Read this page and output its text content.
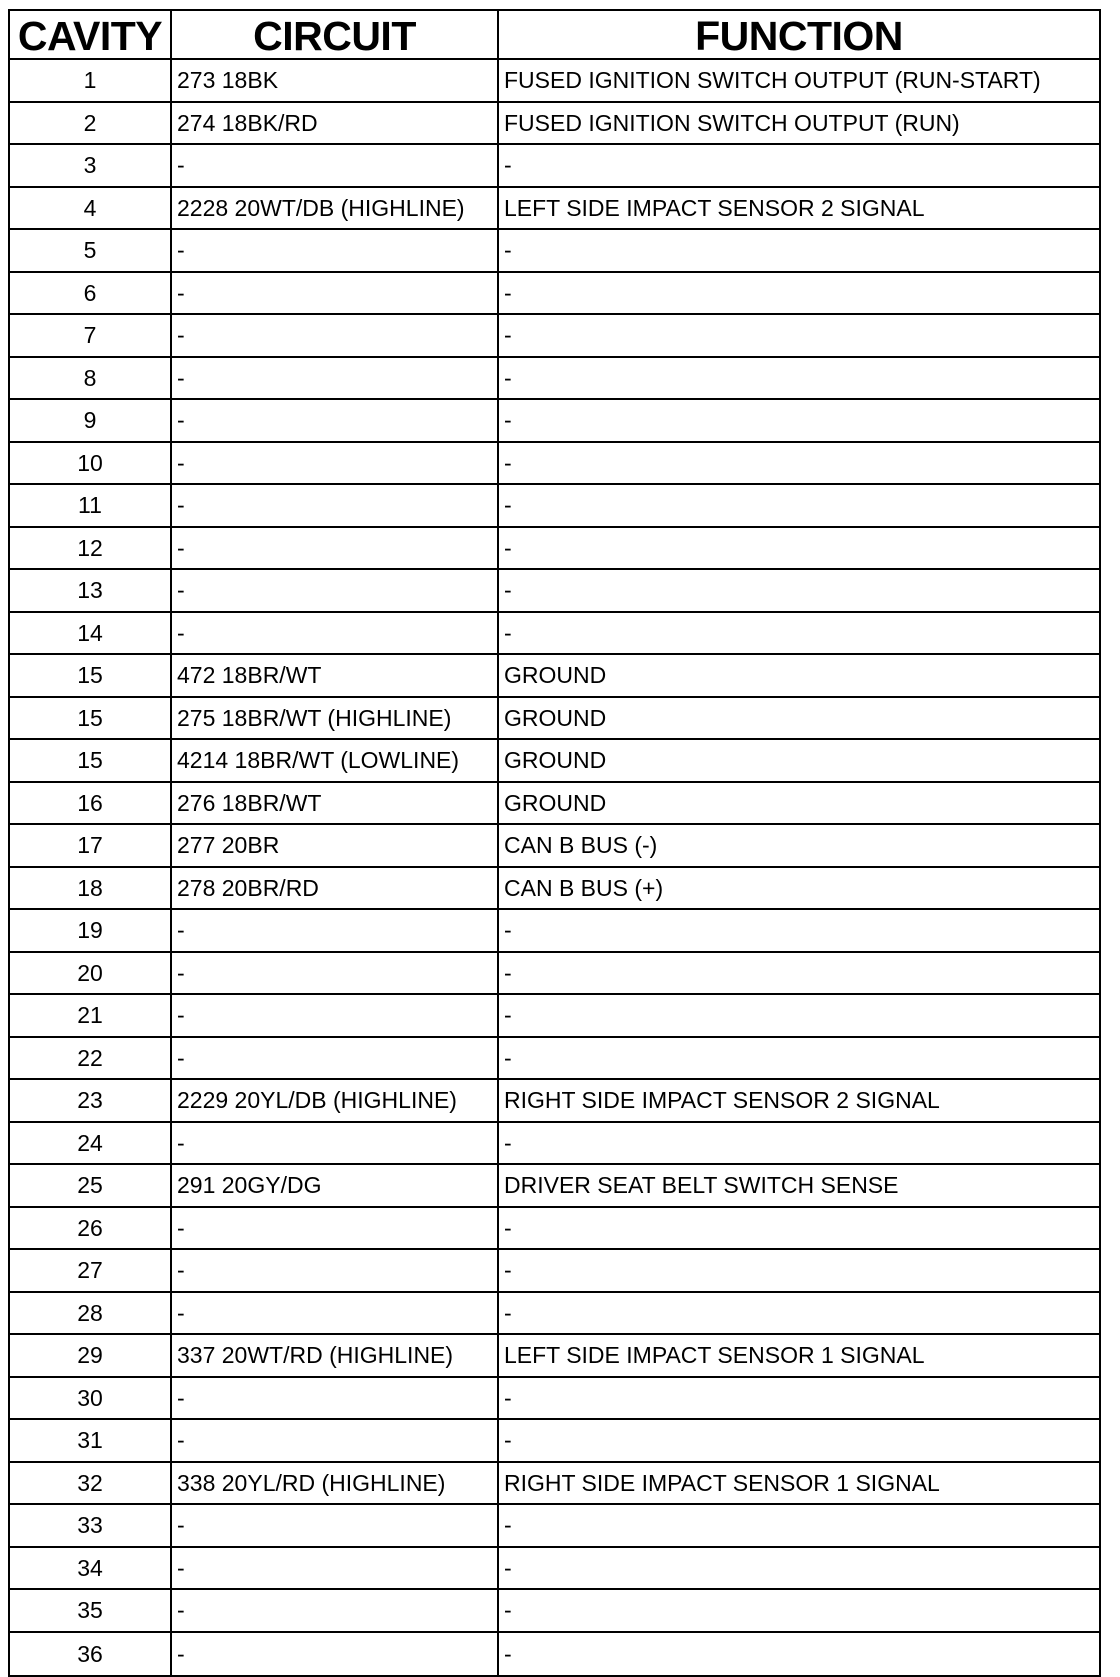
CAVITY	CIRCUIT	FUNCTION
1	273 18BK	FUSED IGNITION SWITCH OUTPUT (RUN-START)
2	274 18BK/RD	FUSED IGNITION SWITCH OUTPUT (RUN)
3	-	-
4	2228 20WT/DB (HIGHLINE)	LEFT SIDE IMPACT SENSOR 2 SIGNAL
5	-	-
6	-	-
7	-	-
8	-	-
9	-	-
10	-	-
11	-	-
12	-	-
13	-	-
14	-	-
15	472 18BR/WT	GROUND
15	275 18BR/WT (HIGHLINE)	GROUND
15	4214 18BR/WT (LOWLINE)	GROUND
16	276 18BR/WT	GROUND
17	277 20BR	CAN B BUS (-)
18	278 20BR/RD	CAN B BUS (+)
19	-	-
20	-	-
21	-	-
22	-	-
23	2229 20YL/DB (HIGHLINE)	RIGHT SIDE IMPACT SENSOR 2 SIGNAL
24	-	-
25	291 20GY/DG	DRIVER SEAT BELT SWITCH SENSE
26	-	-
27	-	-
28	-	-
29	337 20WT/RD (HIGHLINE)	LEFT SIDE IMPACT SENSOR 1 SIGNAL
30	-	-
31	-	-
32	338 20YL/RD (HIGHLINE)	RIGHT SIDE IMPACT SENSOR 1 SIGNAL
33	-	-
34	-	-
35	-	-
36	-	-
